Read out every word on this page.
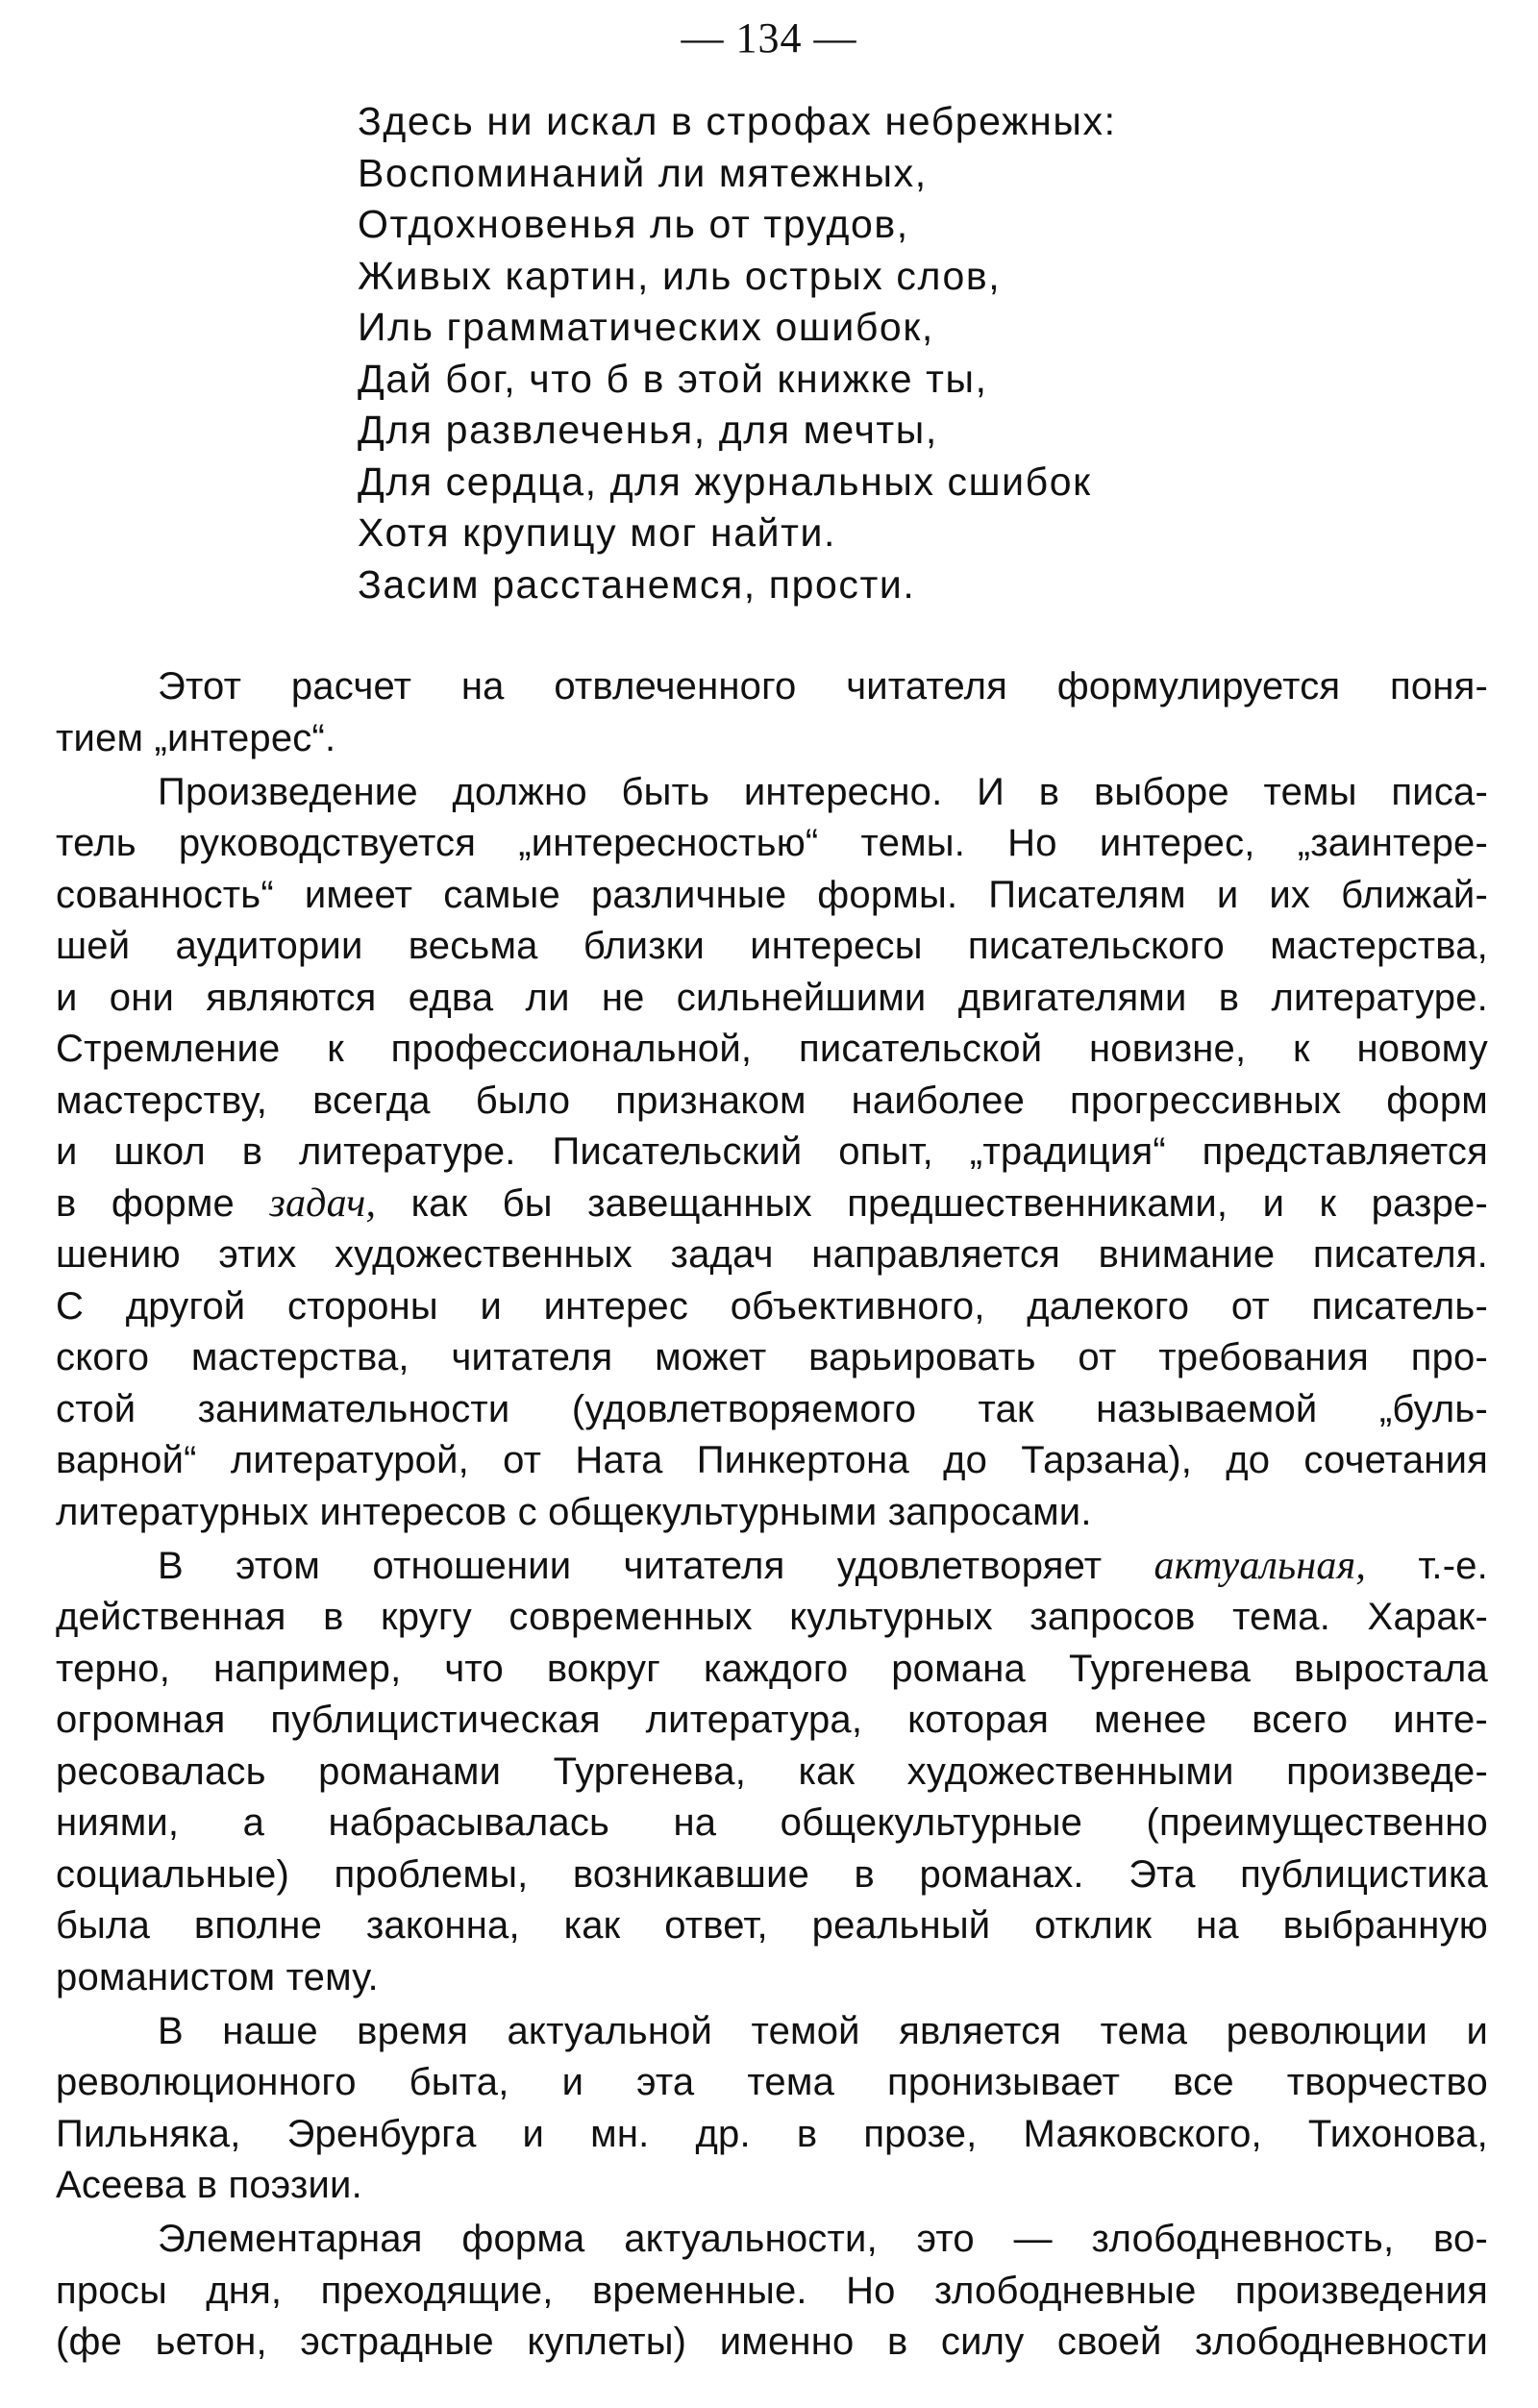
— 134 —
Здесь ни искал в строфах небрежных:
Воспоминаний ли мятежных,
Отдохновенья ль от трудов,
Живых картин, иль острых слов,
Иль грамматических ошибок,
Дай бог, что б в этой книжке ты,
Для развлеченья, для мечты,
Для сердца, для журнальных сшибок
Хотя крупицу мог найти.
Засим расстанемся, прости.
Этот расчет на отвлеченного читателя формулируется поня-
тием „интерес“.
Произведение должно быть интересно. И в выборе темы писа-
тель руководствуется „интересностью“ темы. Но интерес, „заинтере-
сованность“ имеет самые различные формы. Писателям и их ближай-
шей аудитории весьма близки интересы писательского мастерства,
и они являются едва ли не сильнейшими двигателями в литературе.
Стремление к профессиональной, писательской новизне, к новому
мастерству, всегда было признаком наиболее прогрессивных форм
и школ в литературе. Писательский опыт, „традиция“ представляется
в форме задач, как бы завещанных предшественниками, и к разре-
шению этих художественных задач направляется внимание писателя.
С другой стороны и интерес объективного, далекого от писатель-
ского мастерства, читателя может варьировать от требования про-
стой занимательности (удовлетворяемого так называемой „буль-
варной“ литературой, от Ната Пинкертона до Тарзана), до сочетания
литературных интересов с общекультурными запросами.
В этом отношении читателя удовлетворяет актуальная, т.-е.
действенная в кругу современных культурных запросов тема. Харак-
терно, например, что вокруг каждого романа Тургенева выростала
огромная публицистическая литература, которая менее всего инте-
ресовалась романами Тургенева, как художественными произведе-
ниями, а набрасывалась на общекультурные (преимущественно
социальные) проблемы, возникавшие в романах. Эта публицистика
была вполне законна, как ответ, реальный отклик на выбранную
романистом тему.
В наше время актуальной темой является тема революции и
революционного быта, и эта тема пронизывает все творчество
Пильняка, Эренбурга и мн. др. в прозе, Маяковского, Тихонова,
Асеева в поэзии.
Элементарная форма актуальности, это — злободневность, во-
просы дня, преходящие, временные. Но злободневные произведения
(фе ьетон, эстрадные куплеты) именно в силу своей злободневности
